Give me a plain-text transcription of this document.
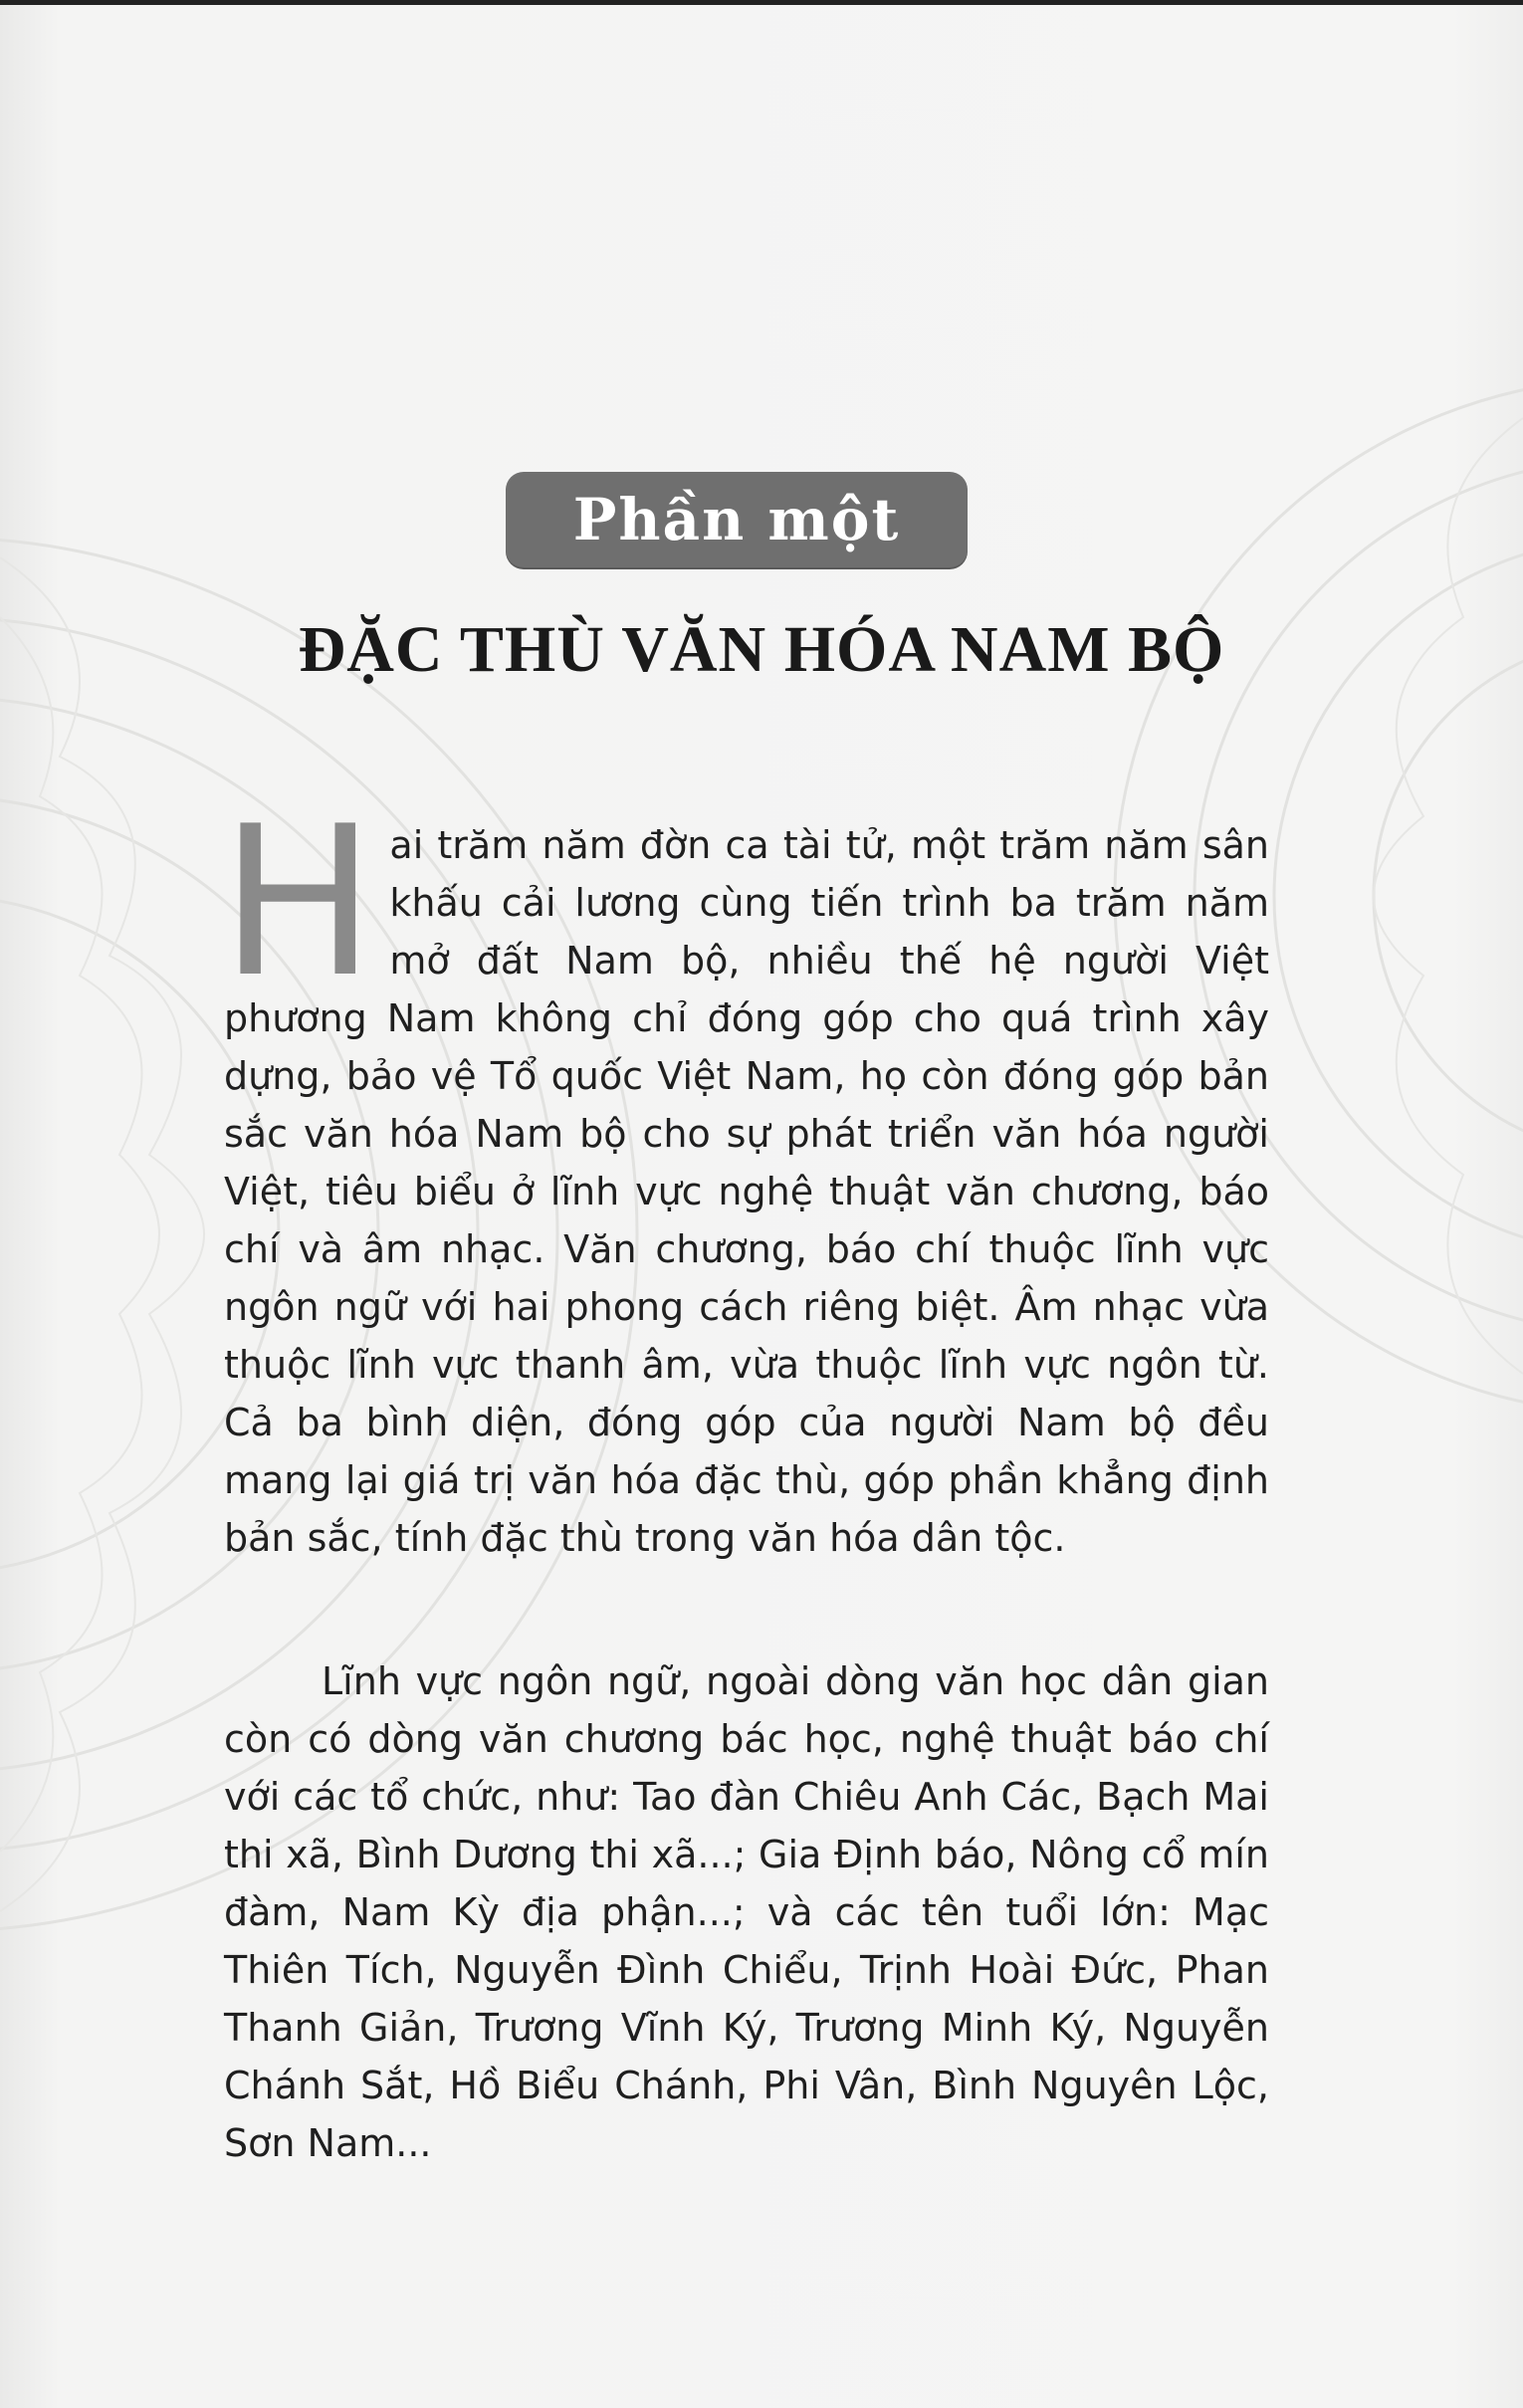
Phần một
ĐẶC THÙ VĂN HÓA NAM BỘ

Hai trăm năm đờn ca tài tử, một trăm năm sân khấu cải lương cùng tiến trình ba trăm năm mở đất Nam bộ, nhiều thế hệ người Việt phương Nam không chỉ đóng góp cho quá trình xây dựng, bảo vệ Tổ quốc Việt Nam, họ còn đóng góp bản sắc văn hóa Nam bộ cho sự phát triển văn hóa người Việt, tiêu biểu ở lĩnh vực nghệ thuật văn chương, báo chí và âm nhạc. Văn chương, báo chí thuộc lĩnh vực ngôn ngữ với hai phong cách riêng biệt. Âm nhạc vừa thuộc lĩnh vực thanh âm, vừa thuộc lĩnh vực ngôn từ. Cả ba bình diện, đóng góp của người Nam bộ đều mang lại giá trị văn hóa đặc thù, góp phần khẳng định bản sắc, tính đặc thù trong văn hóa dân tộc.

Lĩnh vực ngôn ngữ, ngoài dòng văn học dân gian còn có dòng văn chương bác học, nghệ thuật báo chí với các tổ chức, như: Tao đàn Chiêu Anh Các, Bạch Mai thi xã, Bình Dương thi xã...; Gia Định báo, Nông cổ mín đàm, Nam Kỳ địa phận...; và các tên tuổi lớn: Mạc Thiên Tích, Nguyễn Đình Chiểu, Trịnh Hoài Đức, Phan Thanh Giản, Trương Vĩnh Ký, Trương Minh Ký, Nguyễn Chánh Sắt, Hồ Biểu Chánh, Phi Vân, Bình Nguyên Lộc, Sơn Nam...
